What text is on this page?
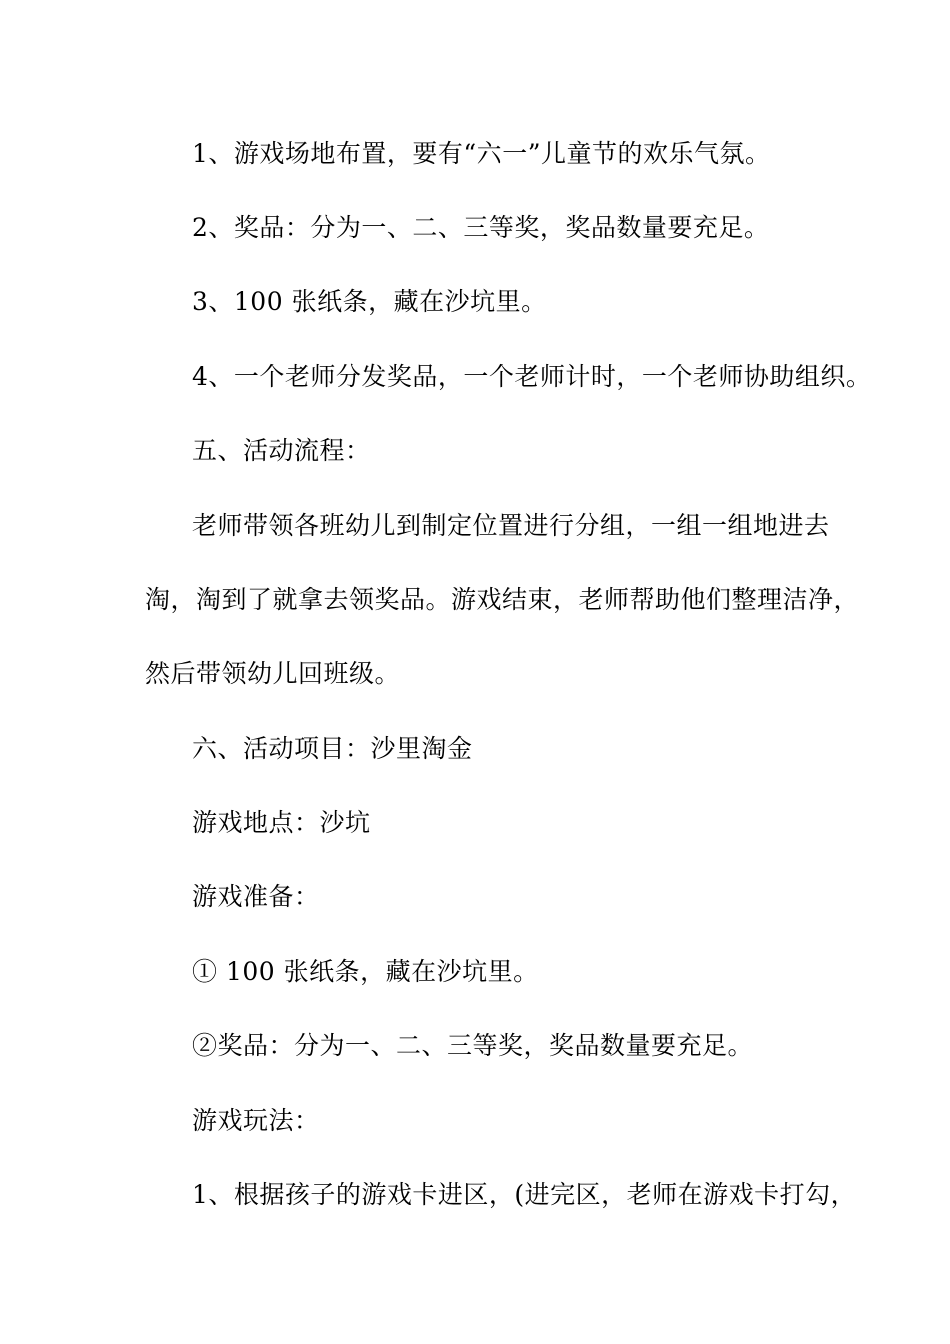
1、游戏场地布置，要有“六一”儿童节的欢乐气氛。
2、奖品：分为一、二、三等奖，奖品数量要充足。
3、100 张纸条，藏在沙坑里。
4、一个老师分发奖品，一个老师计时，一个老师协助组织。
五、活动流程：
老师带领各班幼儿到制定位置进行分组，一组一组地进去
淘，淘到了就拿去领奖品。游戏结束，老师帮助他们整理洁净，
然后带领幼儿回班级。
六、活动项目：沙里淘金
游戏地点：沙坑
游戏准备：
① 100 张纸条，藏在沙坑里。
②奖品：分为一、二、三等奖，奖品数量要充足。
游戏玩法：
1、根据孩子的游戏卡进区，(进完区，老师在游戏卡打勾，
